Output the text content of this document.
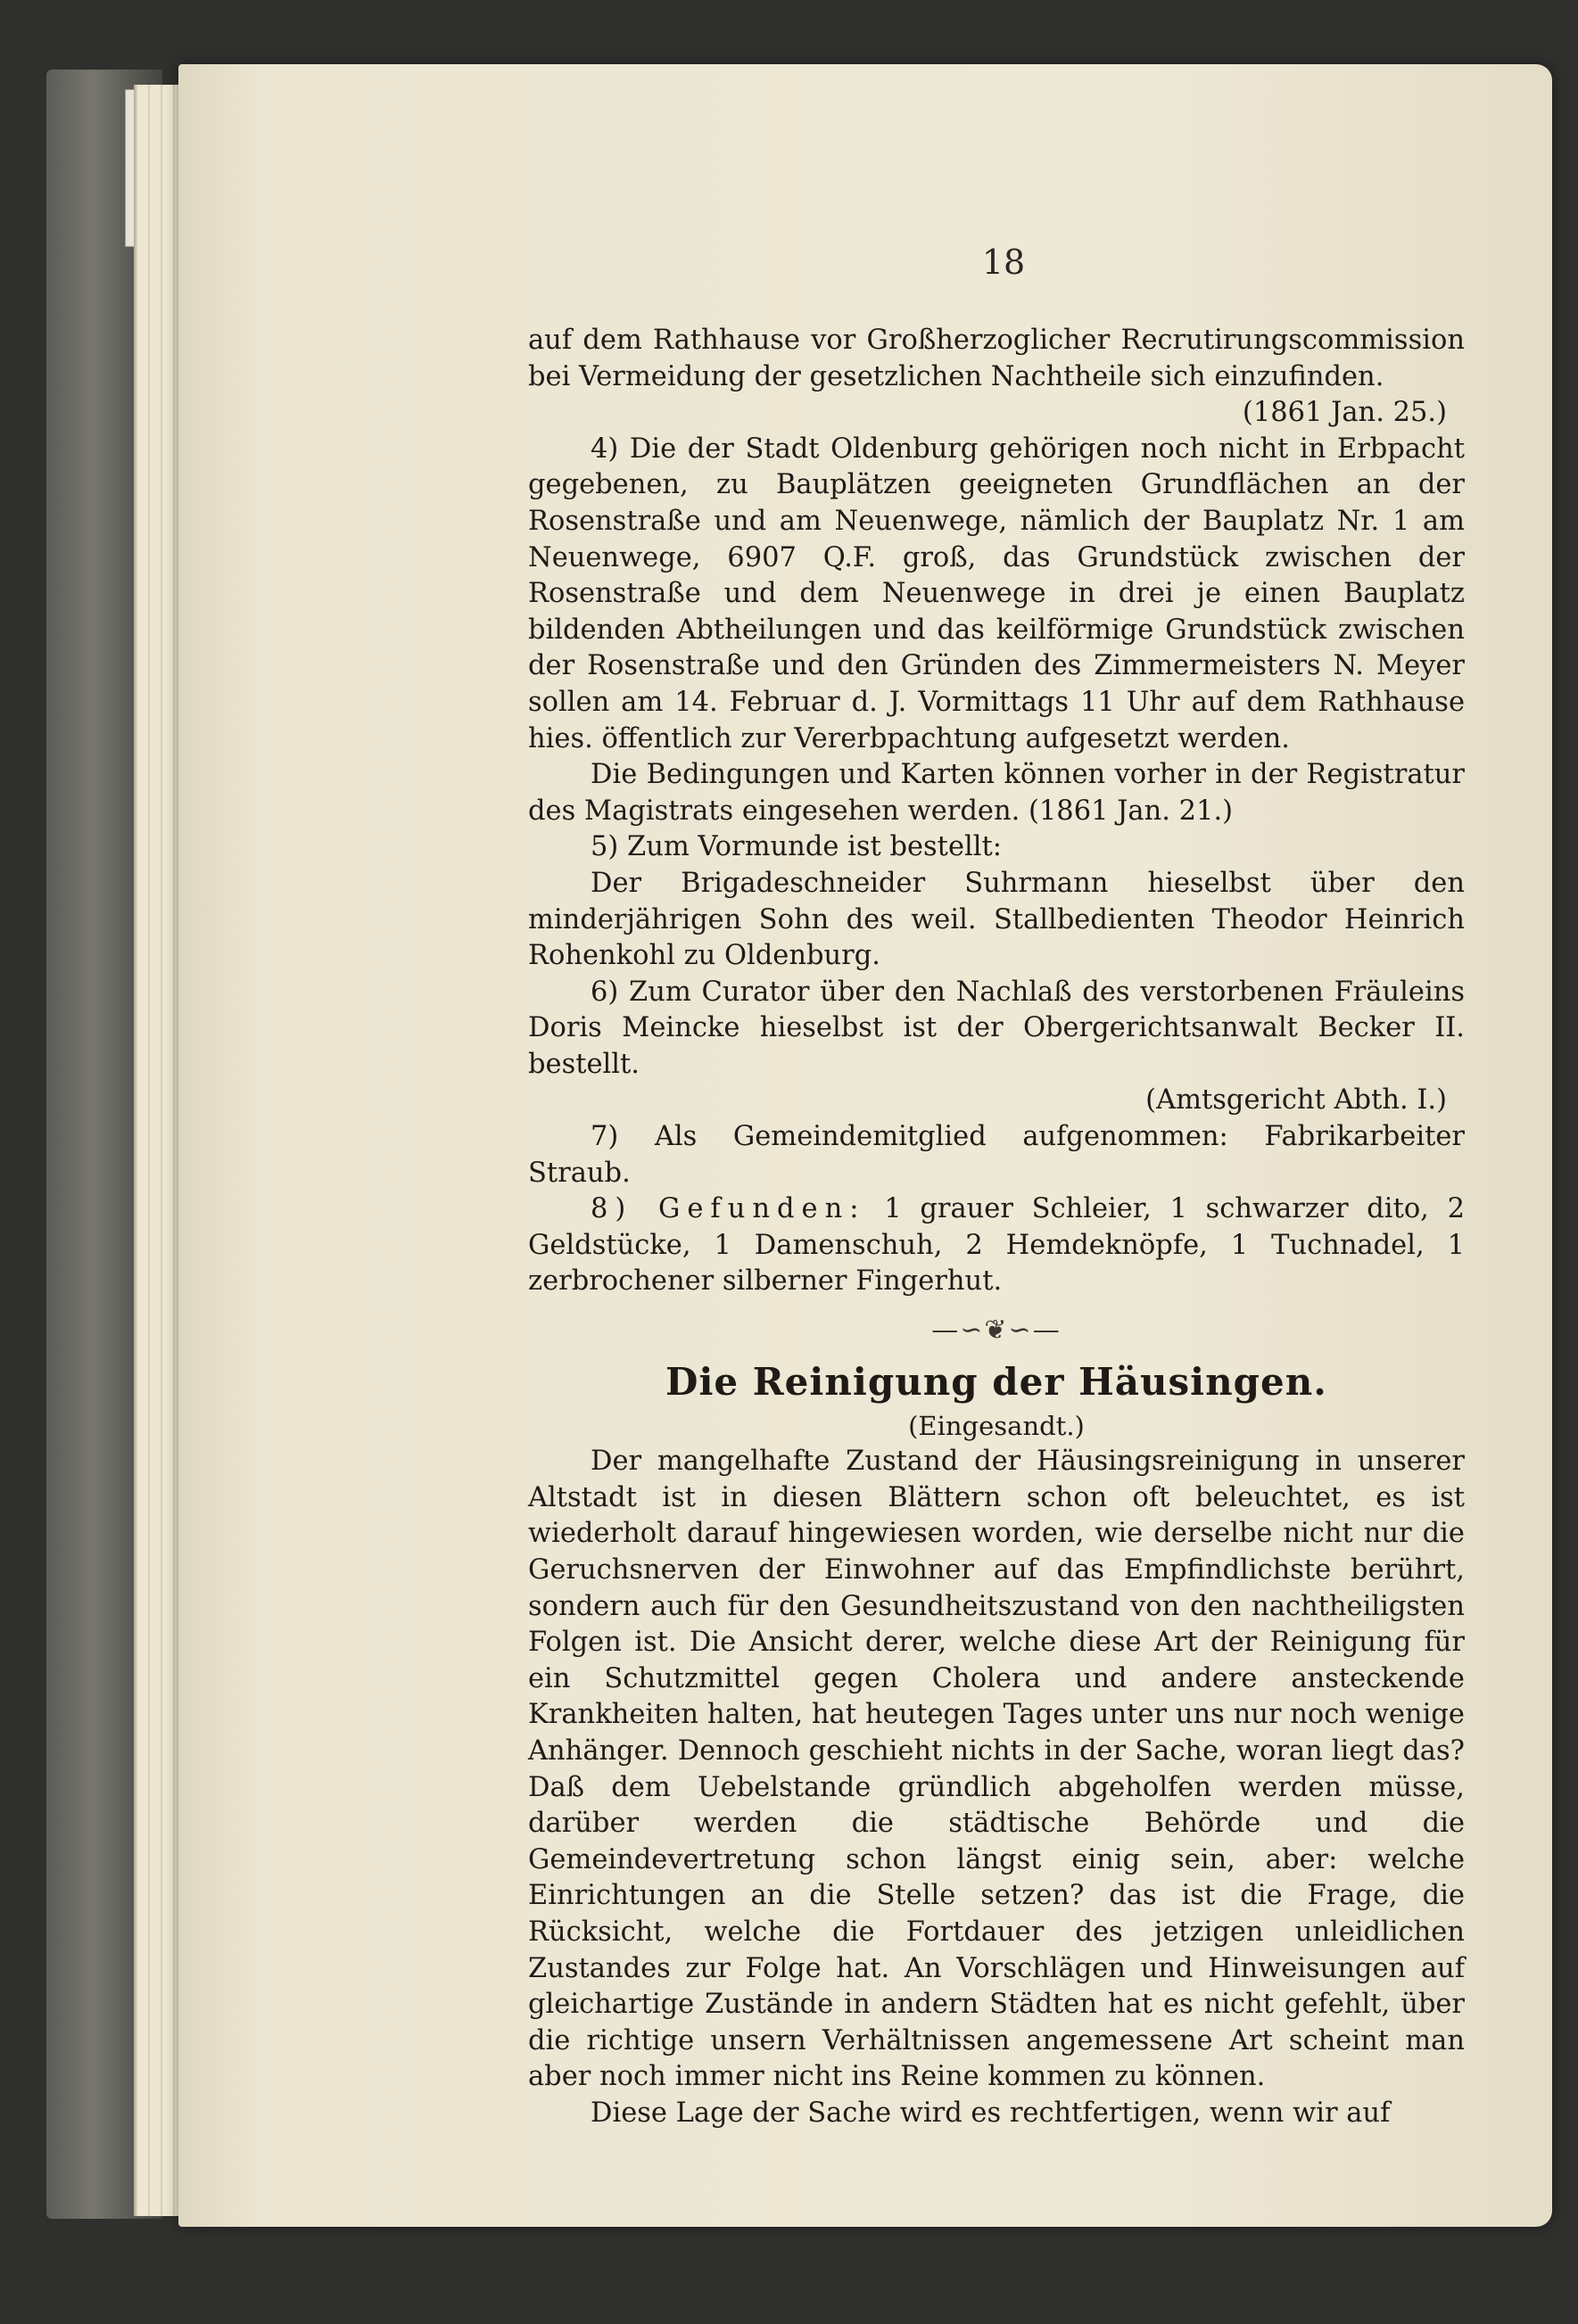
18

auf dem Rathhause vor Großherzoglicher Recrutirungscommission bei Vermeidung der gesetzlichen Nachtheile sich einzufinden.

(1861 Jan. 25.)

4) Die der Stadt Oldenburg gehörigen noch nicht in Erbpacht gegebenen, zu Bauplätzen geeigneten Grundflächen an der Rosenstraße und am Neuenwege, nämlich der Bauplatz Nr. 1 am Neuenwege, 6907 Q.F. groß, das Grundstück zwischen der Rosenstraße und dem Neuenwege in drei je einen Bauplatz bildenden Abtheilungen und das keilförmige Grundstück zwischen der Rosenstraße und den Gründen des Zimmermeisters N. Meyer sollen am 14. Februar d. J. Vormittags 11 Uhr auf dem Rathhause hies. öffentlich zur Vererbpachtung aufgesetzt werden.

Die Bedingungen und Karten können vorher in der Registratur des Magistrats eingesehen werden. (1861 Jan. 21.)

5) Zum Vormunde ist bestellt:

Der Brigadeschneider Suhrmann hieselbst über den minderjährigen Sohn des weil. Stallbedienten Theodor Heinrich Rohenkohl zu Oldenburg.

6) Zum Curator über den Nachlaß des verstorbenen Fräuleins Doris Meincke hieselbst ist der Obergerichtsanwalt Becker II. bestellt.

(Amtsgericht Abth. I.)

7) Als Gemeindemitglied aufgenommen: Fabrikarbeiter Straub.

8) Gefunden: 1 grauer Schleier, 1 schwarzer dito, 2 Geldstücke, 1 Damenschuh, 2 Hemdeknöpfe, 1 Tuchnadel, 1 zerbrochener silberner Fingerhut.

—∽❦∽—

Die Reinigung der Häusingen.

(Eingesandt.)

Der mangelhafte Zustand der Häusingsreinigung in unserer Altstadt ist in diesen Blättern schon oft beleuchtet, es ist wiederholt darauf hingewiesen worden, wie derselbe nicht nur die Geruchsnerven der Einwohner auf das Empfindlichste berührt, sondern auch für den Gesundheitszustand von den nachtheiligsten Folgen ist. Die Ansicht derer, welche diese Art der Reinigung für ein Schutzmittel gegen Cholera und andere ansteckende Krankheiten halten, hat heutegen Tages unter uns nur noch wenige Anhänger. Dennoch geschieht nichts in der Sache, woran liegt das? Daß dem Uebelstande gründlich abgeholfen werden müsse, darüber werden die städtische Behörde und die Gemeindevertretung schon längst einig sein, aber: welche Einrichtungen an die Stelle setzen? das ist die Frage, die Rücksicht, welche die Fortdauer des jetzigen unleidlichen Zustandes zur Folge hat. An Vorschlägen und Hinweisungen auf gleichartige Zustände in andern Städten hat es nicht gefehlt, über die richtige unsern Verhältnissen angemessene Art scheint man aber noch immer nicht ins Reine kommen zu können.

Diese Lage der Sache wird es rechtfertigen, wenn wir auf
